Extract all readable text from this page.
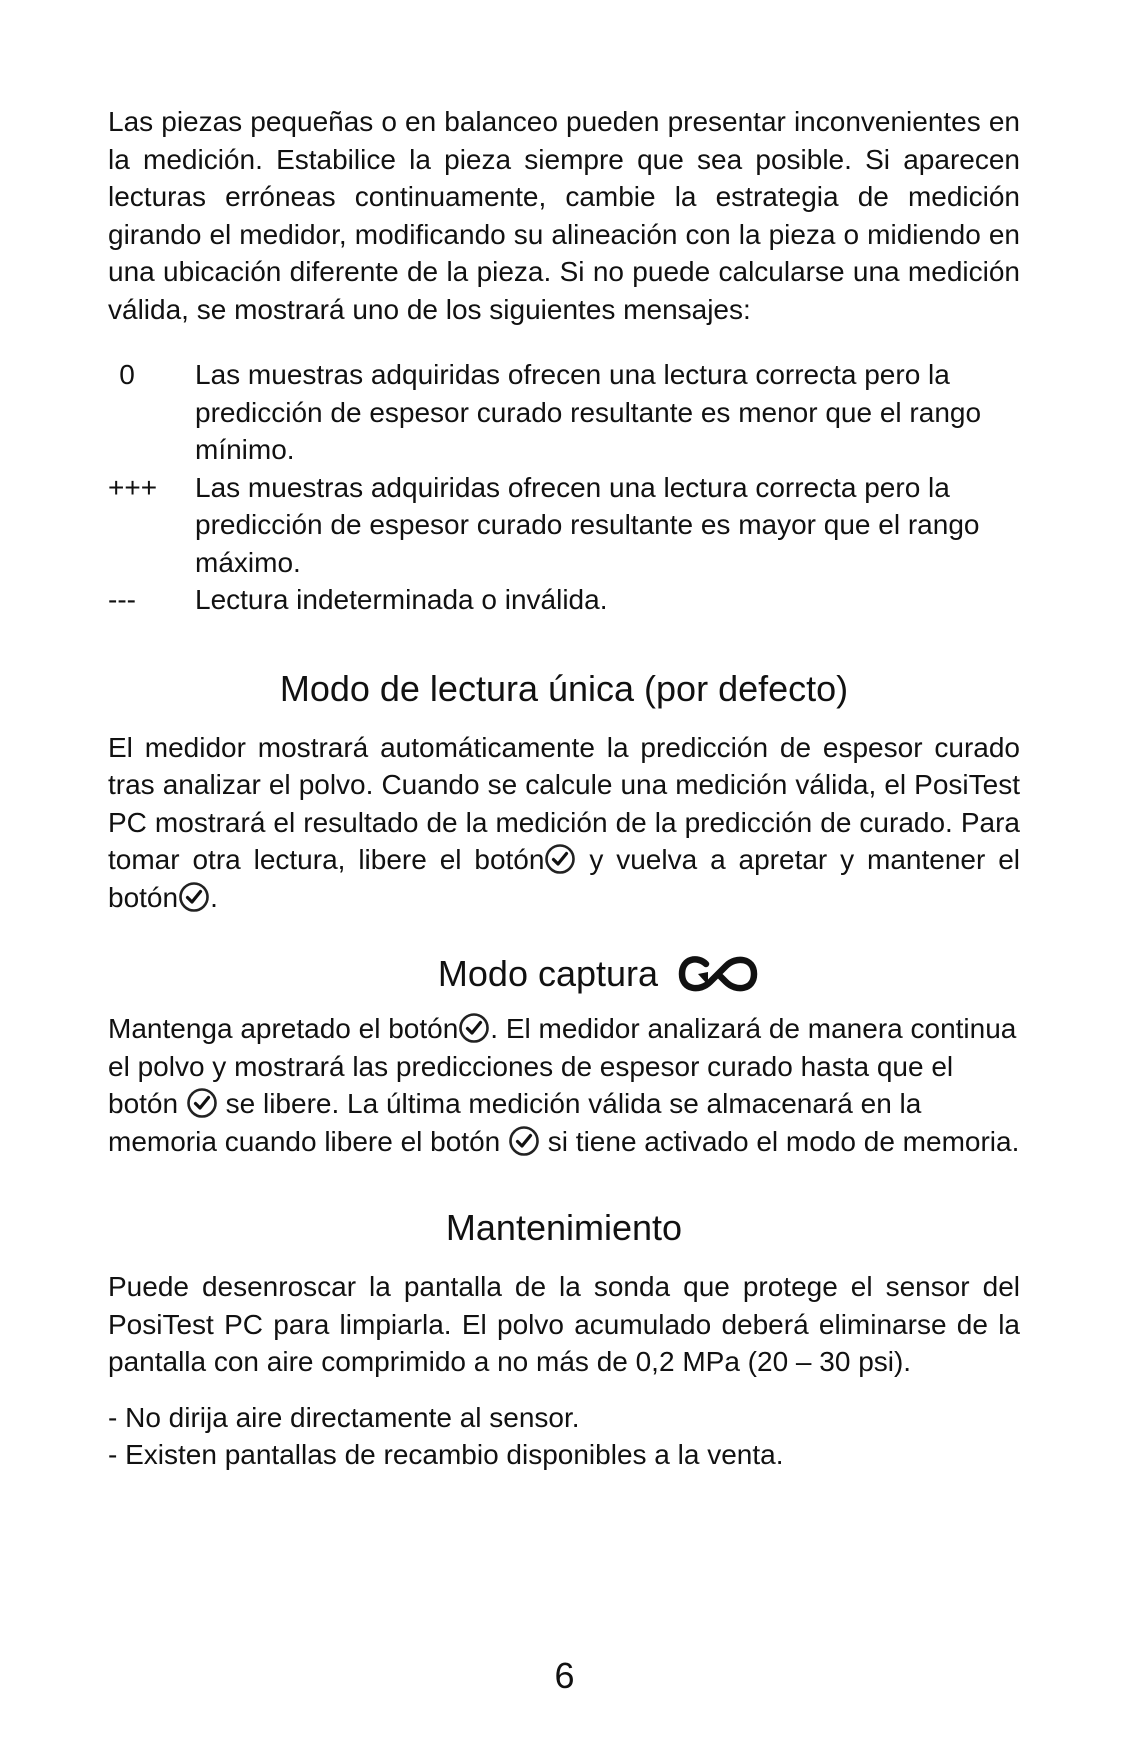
Las piezas pequeñas o en balanceo pueden presentar inconvenientes en la medición. Estabilice la pieza siempre que sea posible. Si aparecen lecturas erróneas continuamente, cambie la estrategia de medición girando el medidor, modificando su alineación con la pieza o midiendo en una ubicación diferente de la pieza. Si no puede calcularse una medición válida, se mostrará uno de los siguientes mensajes:

0	Las muestras adquiridas ofrecen una lectura correcta pero la predicción de espesor curado resultante es menor que el rango mínimo.
+++	Las muestras adquiridas ofrecen una lectura correcta pero la predicción de espesor curado resultante es mayor que el rango máximo.
---	Lectura indeterminada o inválida.
Modo de lectura única (por defecto)

El medidor mostrará automáticamente la predicción de espesor curado tras analizar el polvo. Cuando se calcule una medición válida, el PosiTest PC mostrará el resultado de la medición de la predicción de curado. Para tomar otra lectura, libere el botón y vuelva a apretar y mantener el botón .

Modo captura

Mantenga apretado el botón . El medidor analizará de manera continua el polvo y mostrará las predicciones de espesor curado hasta que el botón  se libere. La última medición válida se almacenará en la memoria cuando libere el botón  si tiene activado el modo de memoria.

Mantenimiento

Puede desenroscar la pantalla de la sonda que protege el sensor del PosiTest PC para limpiarla. El polvo acumulado deberá eliminarse de la pantalla con aire comprimido a no más de 0,2 MPa (20 – 30 psi).

- No dirija aire directamente al sensor.
- Existen pantallas de recambio disponibles a la venta.
6
